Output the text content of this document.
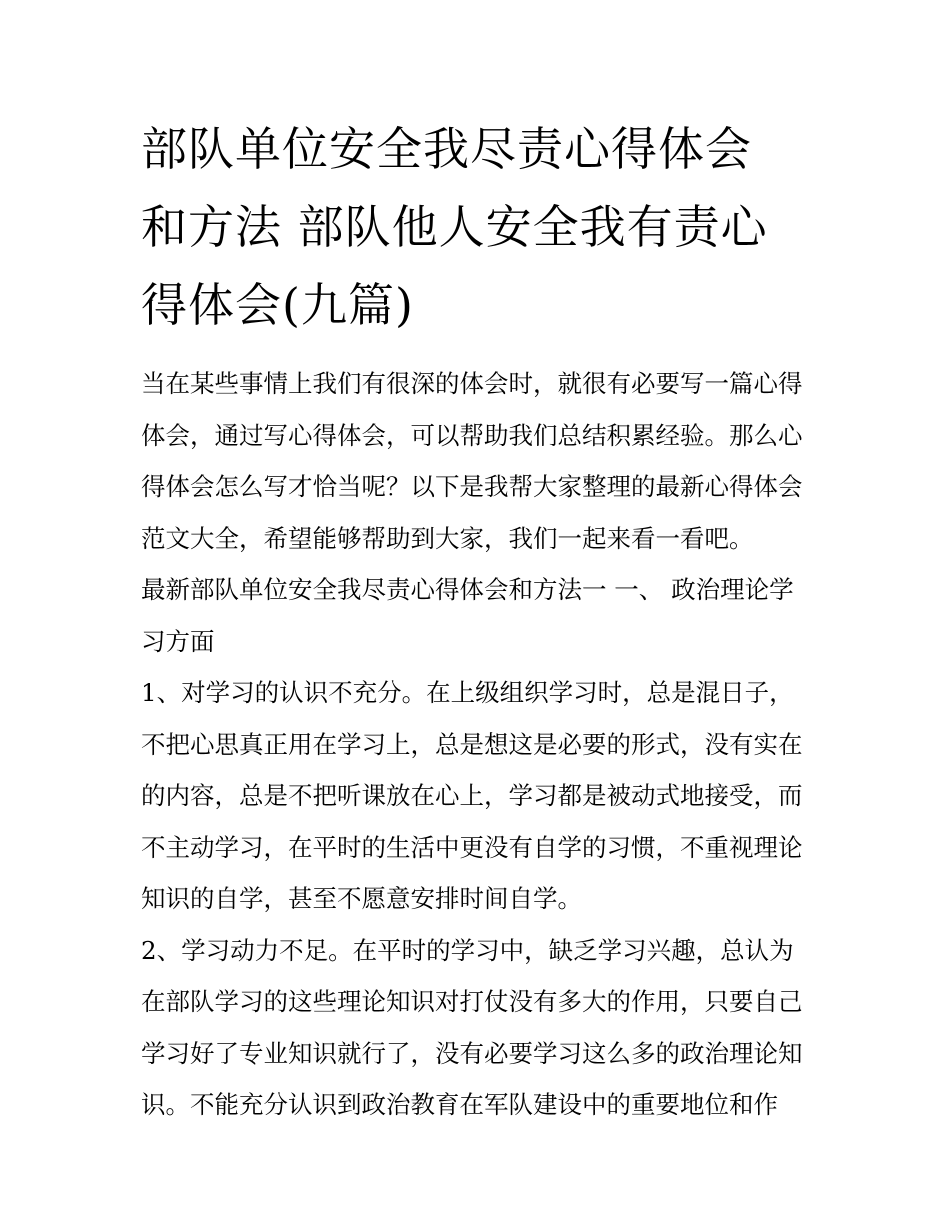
部队单位安全我尽责心得体会
和方法 部队他人安全我有责心
得体会(九篇)
当在某些事情上我们有很深的体会时，就很有必要写一篇心得
体会，通过写心得体会，可以帮助我们总结积累经验。那么心
得体会怎么写才恰当呢？以下是我帮大家整理的最新心得体会
范文大全，希望能够帮助到大家，我们一起来看一看吧。
最新部队单位安全我尽责心得体会和方法一 一、 政治理论学
习方面
1、对学习的认识不充分。在上级组织学习时，总是混日子，
不把心思真正用在学习上，总是想这是必要的形式，没有实在
的内容，总是不把听课放在心上，学习都是被动式地接受，而
不主动学习，在平时的生活中更没有自学的习惯，不重视理论
知识的自学，甚至不愿意安排时间自学。
2、学习动力不足。在平时的学习中，缺乏学习兴趣，总认为
在部队学习的这些理论知识对打仗没有多大的作用，只要自己
学习好了专业知识就行了，没有必要学习这么多的政治理论知
识。不能充分认识到政治教育在军队建设中的重要地位和作
